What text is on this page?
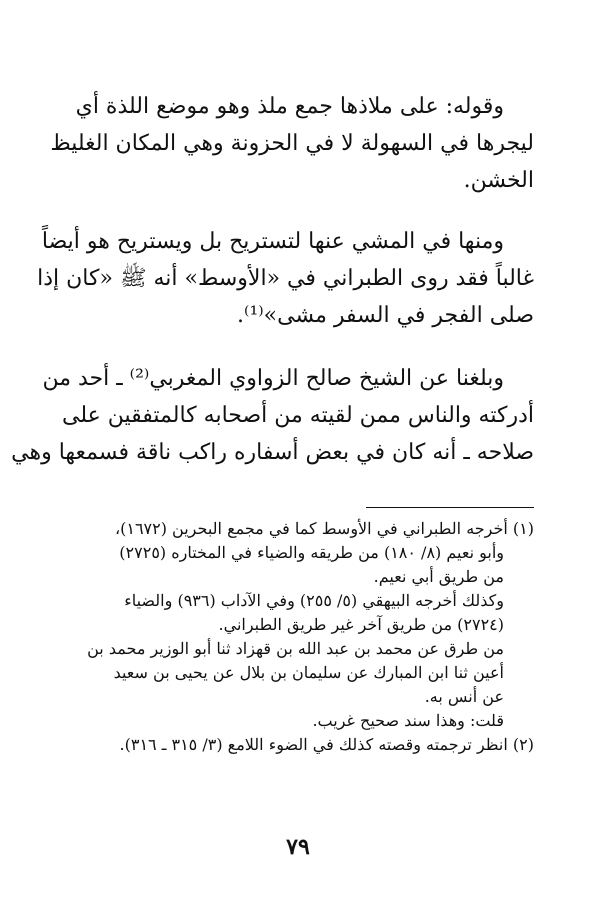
وقوله: على ملاذها جمع ملذ وهو موضع اللذة أي
ليجرها في السهولة لا في الحزونة وهي المكان الغليظ
الخشن.
ومنها في المشي عنها لتستريح بل ويستريح هو أيضاً
غالباً فقد روى الطبراني في «الأوسط» أنه ﷺ «كان إذا
صلى الفجر في السفر مشى»⁽¹⁾.
وبلغنا عن الشيخ صالح الزواوي المغربي⁽²⁾ ـ أحد من
أدركته والناس ممن لقيته من أصحابه كالمتفقين على
صلاحه ـ أنه كان في بعض أسفاره راكب ناقة فسمعها وهي
(١) أخرجه الطبراني في الأوسط كما في مجمع البحرين (١٦٧٢)،
وأبو نعيم (٨/ ١٨٠) من طريقه والضياء في المختاره (٢٧٢٥)
من طريق أبي نعيم.
وكذلك أخرجه البيهقي (٥/ ٢٥٥) وفي الآداب (٩٣٦) والضياء
(٢٧٢٤) من طريق آخر غير طريق الطبراني.
من طرق عن محمد بن عبد الله بن قهزاد ثنا أبو الوزير محمد بن
أعين ثنا ابن المبارك عن سليمان بن بلال عن يحيى بن سعيد
عن أنس به.
قلت: وهذا سند صحيح غريب.
(٢) انظر ترجمته وقصته كذلك في الضوء اللامع (٣/ ٣١٥ ـ ٣١٦).
٧٩
